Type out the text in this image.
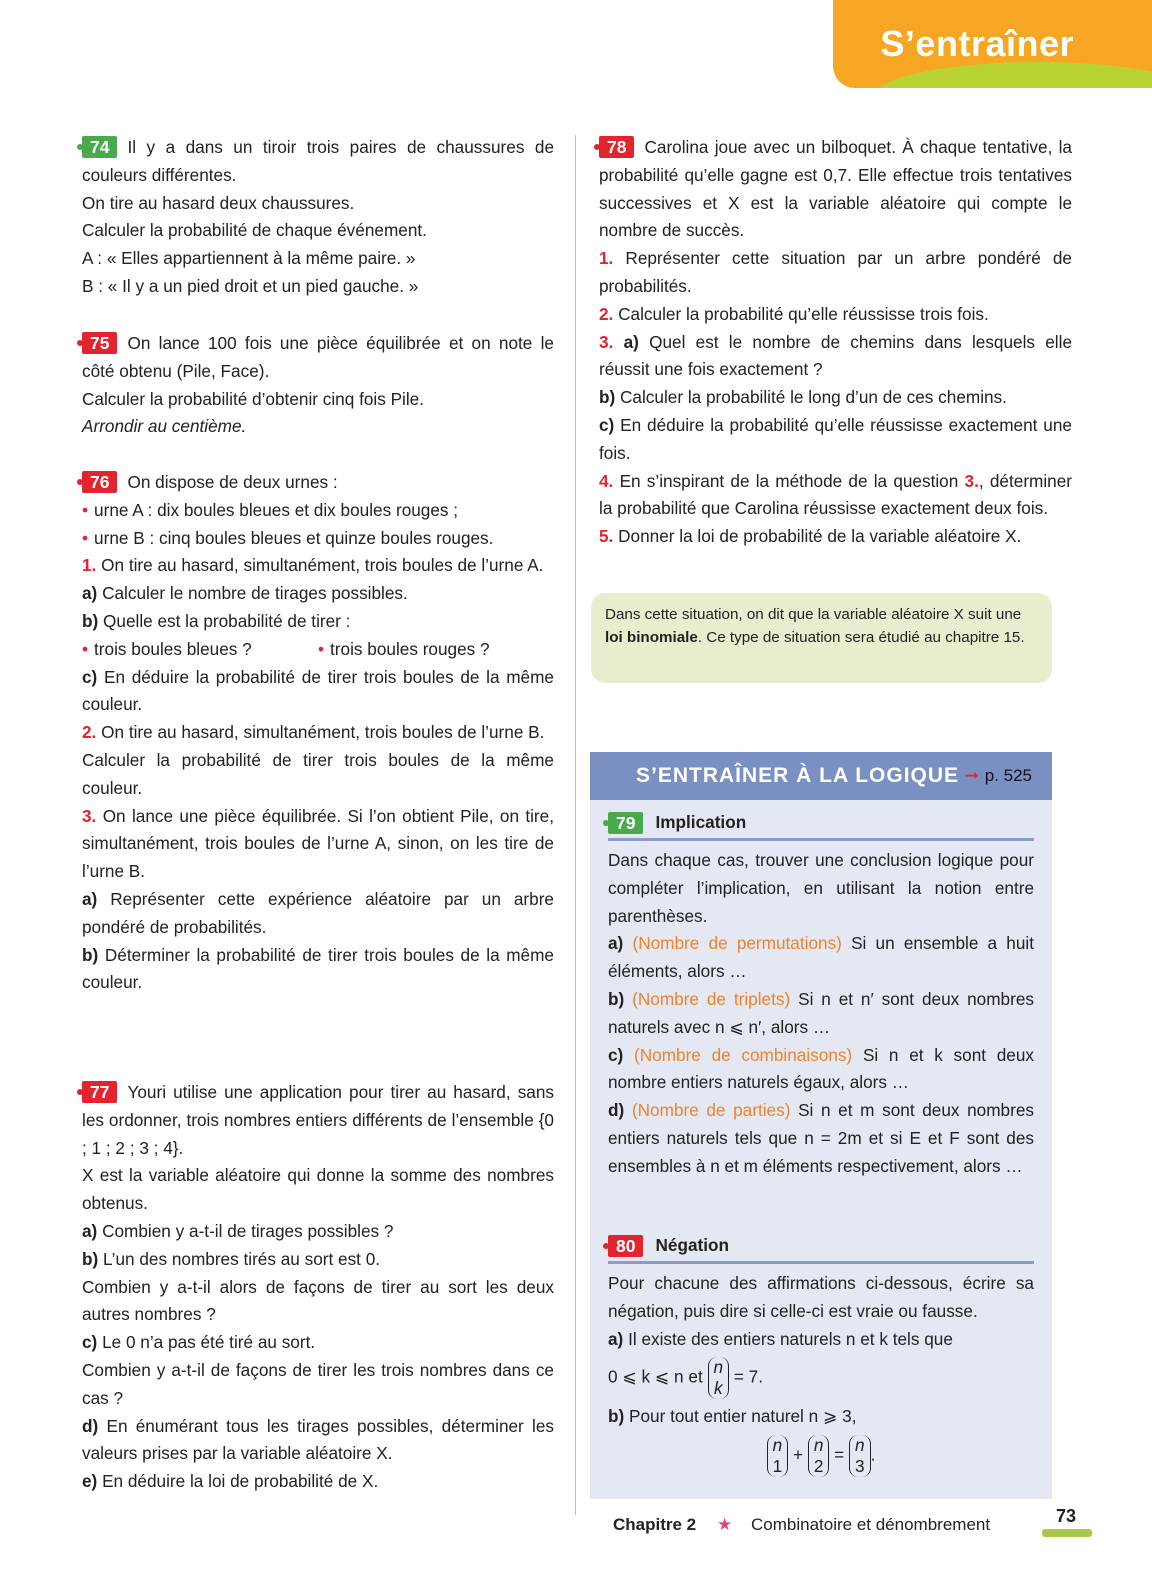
S’entraîner

74 Il y a dans un tiroir trois paires de chaussures de couleurs différentes.

On tire au hasard deux chaussures.

Calculer la probabilité de chaque événement.

A : « Elles appartiennent à la même paire. »

B : « Il y a un pied droit et un pied gauche. »

75 On lance 100 fois une pièce équilibrée et on note le côté obtenu (Pile, Face).

Calculer la probabilité d’obtenir cinq fois Pile.

Arrondir au centième.

76 On dispose de deux urnes :

• urne A : dix boules bleues et dix boules rouges ;

• urne B : cinq boules bleues et quinze boules rouges.

1. On tire au hasard, simultanément, trois boules de l’urne A.

a) Calculer le nombre de tirages possibles.

b) Quelle est la probabilité de tirer :

• trois boules bleues ?
•	trois boules rouges ?

c) En déduire la probabilité de tirer trois boules de la même couleur.

2. On tire au hasard, simultanément, trois boules de l’urne B.

Calculer la probabilité de tirer trois boules de la même couleur.

3. On lance une pièce équilibrée. Si l’on obtient Pile, on tire, simultanément, trois boules de l’urne A, sinon, on les tire de l’urne B.

a) Représenter cette expérience aléatoire par un arbre pondéré de probabilités.

b) Déterminer la probabilité de tirer trois boules de la même couleur.

77 Youri utilise une application pour tirer au hasard, sans les ordonner, trois nombres entiers différents de l’ensemble {0 ; 1 ; 2 ; 3 ; 4}.

X est la variable aléatoire qui donne la somme des nombres obtenus.

a) Combien y a-t-il de tirages possibles ?

b) L’un des nombres tirés au sort est 0.

Combien y a-t-il alors de façons de tirer au sort les deux autres nombres ?

c) Le 0 n’a pas été tiré au sort.

Combien y a-t-il de façons de tirer les trois nombres dans ce cas ?

d) En énumérant tous les tirages possibles, déterminer les valeurs prises par la variable aléatoire X.

e) En déduire la loi de probabilité de X.

78 Carolina joue avec un bilboquet. À chaque tentative, la probabilité qu’elle gagne est 0,7. Elle effectue trois tentatives successives et X est la variable aléatoire qui compte le nombre de succès.

1. Représenter cette situation par un arbre pondéré de probabilités.

2. Calculer la probabilité qu’elle réussisse trois fois.

3. a) Quel est le nombre de chemins dans lesquels elle réussit une fois exactement ?

b) Calculer la probabilité le long d’un de ces chemins.

c) En déduire la probabilité qu’elle réussisse exactement une fois.

4. En s’inspirant de la méthode de la question 3., déterminer la probabilité que Carolina réussisse exactement deux fois.

5. Donner la loi de probabilité de la variable aléatoire X.

Dans cette situation, on dit que la variable aléatoire X suit une loi binomiale. Ce type de situation sera étudié au chapitre 15.
S’ENTRAÎNER À LA LOGIQUE ➞ p. 525
79	Implication

Dans chaque cas, trouver une conclusion logique pour compléter l’implication, en utilisant la notion entre parenthèses.

a) (Nombre de permutations) Si un ensemble a huit éléments, alors …

b) (Nombre de triplets) Si n et n′ sont deux nombres naturels avec n ⩽ n′, alors …

c) (Nombre de combinaisons) Si n et k sont deux nombre entiers naturels égaux, alors …

d) (Nombre de parties) Si n et m sont deux nombres entiers naturels tels que n = 2m et si E et F sont des ensembles à n et m éléments respectivement, alors …

80	Négation

Pour chacune des affirmations ci-dessous, écrire sa négation, puis dire si celle-ci est vraie ou fausse.

a) Il existe des entiers naturels n et k tels que

0 ⩽ k ⩽ n et n
k
= 7.

b) Pour tout entier naturel n ⩾ 3,

n
1
+ n
2
= n
3
.
Chapitre 2 ★ Combinatoire et dénombrement	73
